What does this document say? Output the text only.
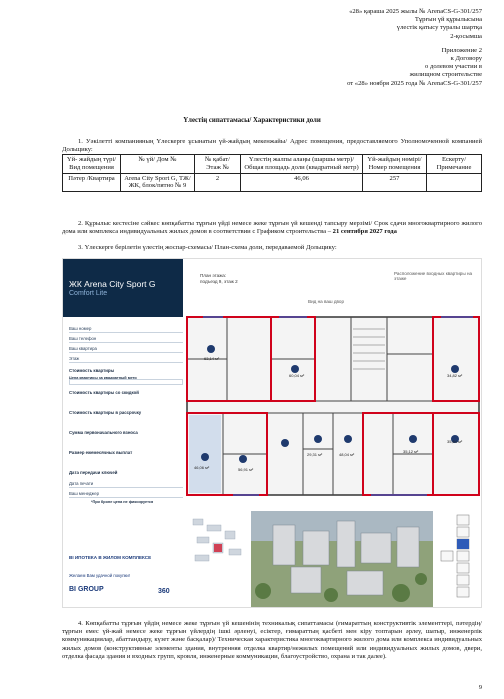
«28» қараша 2025 жылы № ArenaCS-G-301/257
Тұрғын үй құрылысына
үлестік қатысу туралы шартқа
2-қосымша
Приложение 2
к Договору
о долевом участии в
жилищном строительстве
от «28» ноября 2025 года № ArenaCS-G-301/257
Үлестің сипаттамасы/ Характеристики доли
1. Уәкілетті компанияның Үлескерге ұсынатын үй-жайдың мекенжайы/ Адрес помещения, предоставляемого Уполномоченной компанией Дольщику:
Үй- жайдың түрі/ Вид помещения	№ үй/ Дом №	№ қабат/ Этаж №	Үлестің жалпы алаңы (шаршы метр)/ Общая площадь доли (квадратный метр)	Үй-жайдың нөмірі/ Номер помещения	Ескерту/ Примечание
Пәтер /Квартира	Arena City Sport G, ТЖ/ЖК, блок/пятно № 9	2	46,06	257	
2. Құрылыс кестесіне сәйкес көпқабатты тұрғын үйді немесе жеке тұрғын үй кешенді тапсыру мерзімі/ Срок сдачи многоквартирного жилого дома или комплекса индивидуальных жилых домов в соответствии с Графиком строительства – 21 сентября 2027 года
3. Үлескерге берілетін үлестің жоспар-схемасы/ План-схема доли, передаваемой Дольщику:
ЖК Arena City Sport G
Comfort Lite
План этажа:
подъезд 9, этаж 2
Расположение входных квартиры на этаже
Вид на ваш двор
63,14 м²
60,04 м²	34,82 м²
46,06 м²	56,91 м²
29,31 м²	48,04 м²
35,12 м²
35,84 м²
Ваш номер
Ваш телефон
Ваш квартира
Этаж
Стоимость квартиры
Цена квартиры за квадратный метр
Стоимость квартиры со скидкой
Стоимость квартиры в рассрочку
Сумма первоначального взноса
Размер ежемесячных выплат
Дата передачи ключей
Дата печати
Ваш менеджер
*При броне цена не фиксируется
ВІ ИПОТЕКА В ЖИЛОМ КОМПЛЕКСЕ
Желаем Вам удачной покупки!
BI GROUP	360
4. Көпқабатты тұрғын үйдің немесе жеке тұрғын үй кешенінің техникалық сипаттамасы (ғимараттың конструктивтік элементтері, пәтердің/тұрғын емес үй-жай немесе жеке тұрғын үйлердің ішкі әрленуі, есіктер, ғимараттың қасбеті мен кіру топтарын әрлеу, шатыр, инженерлік коммуникациялар, абаттандыру, күзет және басқалар)/ Техническая характеристика многоквартирного жилого дома или комплекса индивидуальных жилых домов (конструктивные элементы здания, внутренняя отделка квартир/нежилых помещений или индивидуальных жилых домов, двери, отделка фасада здания и входных групп, кровля, инженерные коммуникации, благоустройство, охрана и так далее).
9
